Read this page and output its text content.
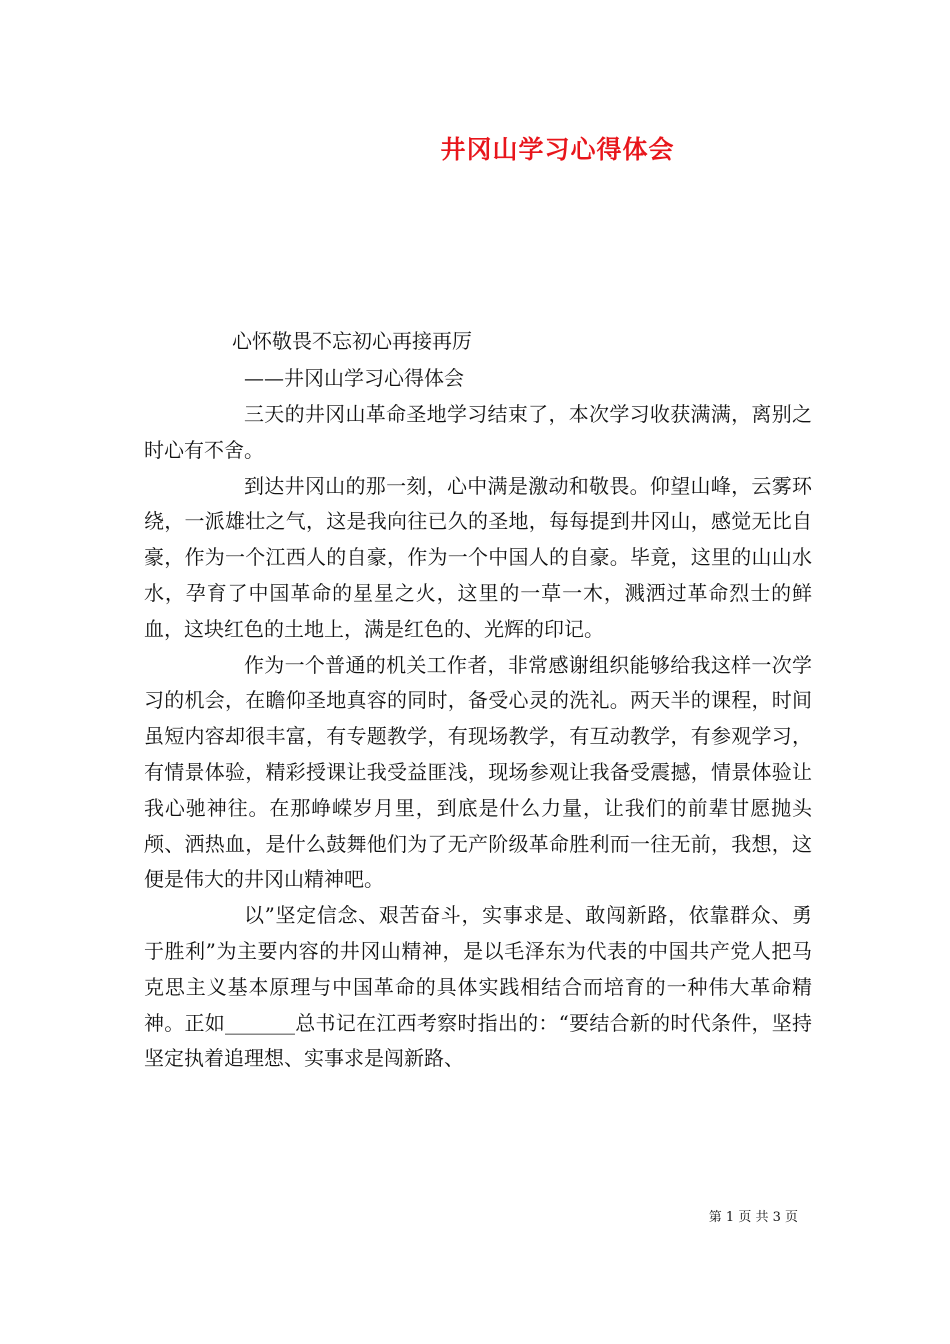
井冈山学习心得体会
心怀敬畏不忘初心再接再厉
——井冈山学习心得体会

三天的井冈山革命圣地学习结束了，本次学习收获满满，离别之时心有不舍。

到达井冈山的那一刻，心中满是激动和敬畏。仰望山峰，云雾环绕，一派雄壮之气，这是我向往已久的圣地，每每提到井冈山，感觉无比自豪，作为一个江西人的自豪，作为一个中国人的自豪。毕竟，这里的山山水水，孕育了中国革命的星星之火，这里的一草一木，溅洒过革命烈士的鲜血，这块红色的土地上，满是红色的、光辉的印记。

作为一个普通的机关工作者，非常感谢组织能够给我这样一次学习的机会，在瞻仰圣地真容的同时，备受心灵的洗礼。两天半的课程，时间虽短内容却很丰富，有专题教学，有现场教学，有互动教学，有参观学习，有情景体验，精彩授课让我受益匪浅，现场参观让我备受震撼，情景体验让我心驰神往。在那峥嵘岁月里，到底是什么力量，让我们的前辈甘愿抛头颅、洒热血，是什么鼓舞他们为了无产阶级革命胜利而一往无前，我想，这便是伟大的井冈山精神吧。

以”坚定信念、艰苦奋斗，实事求是、敢闯新路，依靠群众、勇于胜利”为主要内容的井冈山精神，是以毛泽东为代表的中国共产党人把马克思主义基本原理与中国革命的具体实践相结合而培育的一种伟大革命精神。正如_______总书记在江西考察时指出的：“要结合新的时代条件，坚持坚定执着追理想、实事求是闯新路、

第 1 页 共 3 页
